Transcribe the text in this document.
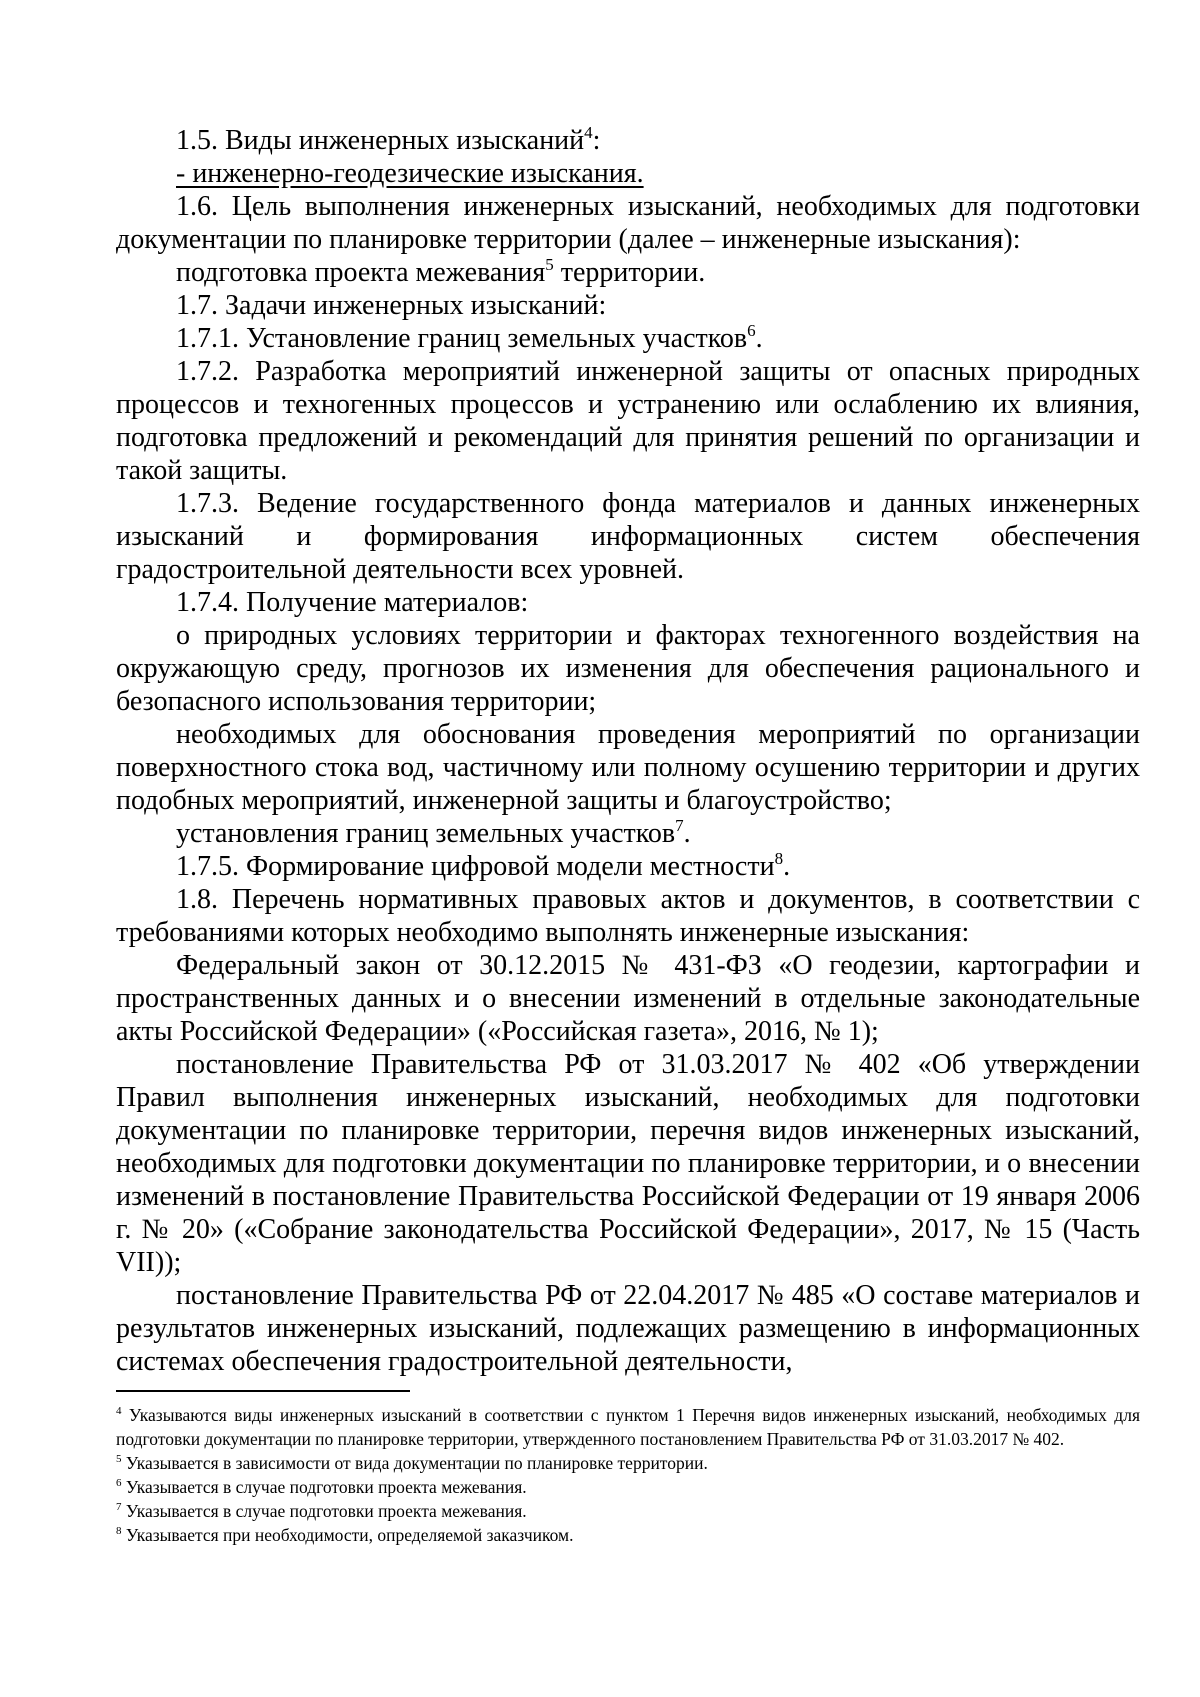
1.5. Виды инженерных изысканий$^4$:

- инженерно-геодезические изыскания.

1.6. Цель выполнения инженерных изысканий, необходимых для подготовки документации по планировке территории (далее – инженерные изыскания):

подготовка проекта межевания$^5$ территории.

1.7. Задачи инженерных изысканий:

1.7.1. Установление границ земельных участков$^6$.

1.7.2. Разработка мероприятий инженерной защиты от опасных природных процессов и техногенных процессов и устранению или ослаблению их влияния, подготовка предложений и рекомендаций для принятия решений по организации и такой защиты.

1.7.3. Ведение государственного фонда материалов и данных инженерных изысканий и формирования информационных систем обеспечения градостроительной деятельности всех уровней.

1.7.4. Получение материалов:

о природных условиях территории и факторах техногенного воздействия на окружающую среду, прогнозов их изменения для обеспечения рационального и безопасного использования территории;

необходимых для обоснования проведения мероприятий по организации поверхностного стока вод, частичному или полному осушению территории и других подобных мероприятий, инженерной защиты и благоустройство;

установления границ земельных участков$^7$.

1.7.5. Формирование цифровой модели местности$^8$.

1.8. Перечень нормативных правовых актов и документов, в соответствии с требованиями которых необходимо выполнять инженерные изыскания:

Федеральный закон от 30.12.2015 № 431-ФЗ «О геодезии, картографии и пространственных данных и о внесении изменений в отдельные законодательные акты Российской Федерации» («Российская газета», 2016, № 1);

постановление Правительства РФ от 31.03.2017 № 402 «Об утверждении Правил выполнения инженерных изысканий, необходимых для подготовки документации по планировке территории, перечня видов инженерных изысканий, необходимых для подготовки документации по планировке территории, и о внесении изменений в постановление Правительства Российской Федерации от 19 января 2006 г. № 20» («Собрание законодательства Российской Федерации», 2017, № 15 (Часть VII));

постановление Правительства РФ от 22.04.2017 № 485 «О составе материалов и результатов инженерных изысканий, подлежащих размещению в информационных системах обеспечения градостроительной деятельности,

$^4$ Указываются виды инженерных изысканий в соответствии с пунктом 1 Перечня видов инженерных изысканий, необходимых для подготовки документации по планировке территории, утвержденного постановлением Правительства РФ от 31.03.2017 № 402.

$^5$ Указывается в зависимости от вида документации по планировке территории.

$^6$ Указывается в случае подготовки проекта межевания.

$^7$ Указывается в случае подготовки проекта межевания.

$^8$ Указывается при необходимости, определяемой заказчиком.
